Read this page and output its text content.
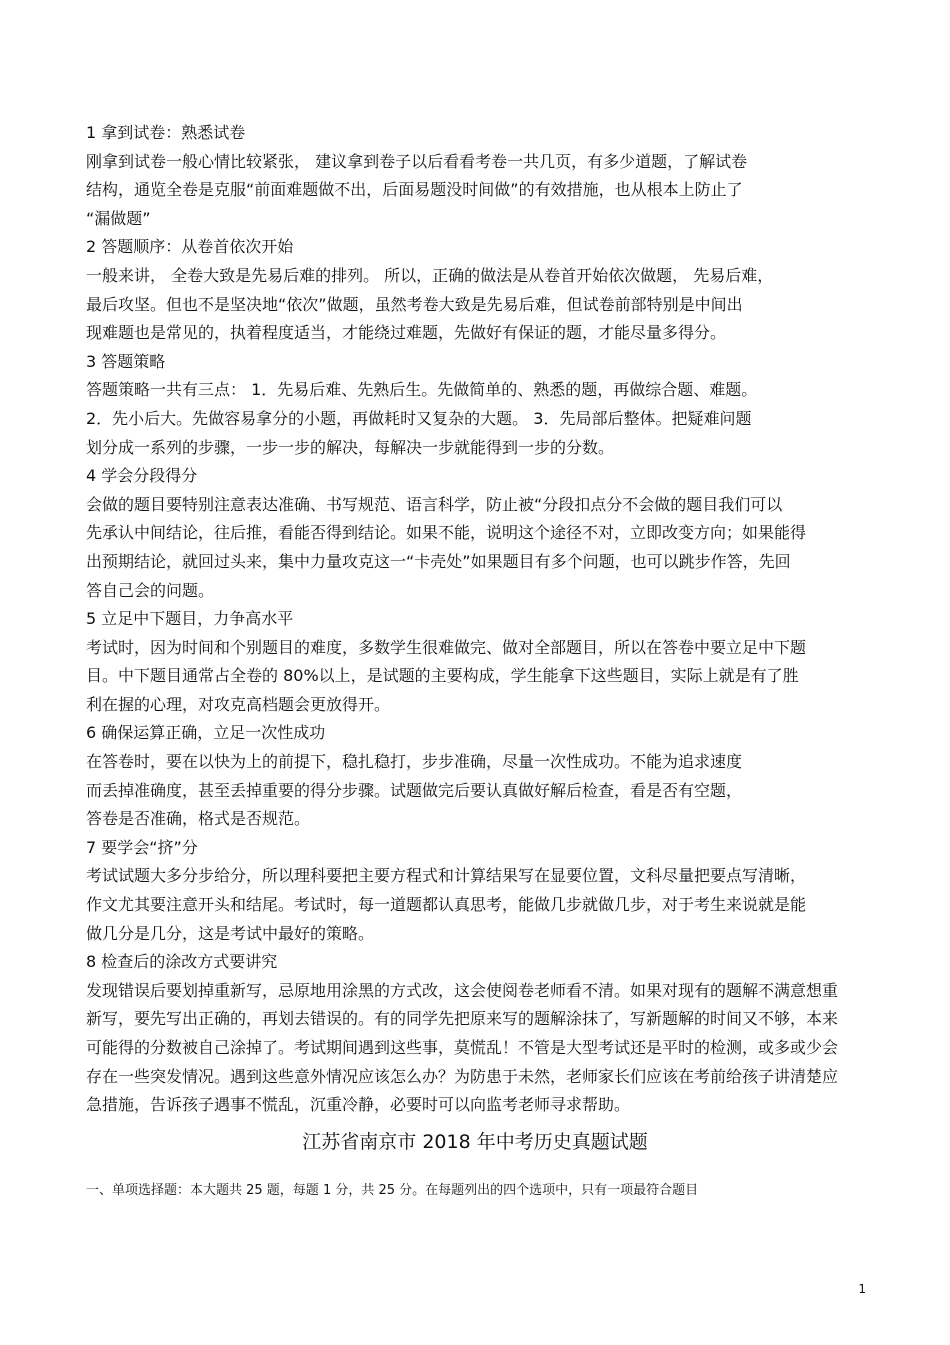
1 拿到试卷：熟悉试卷
刚拿到试卷一般心情比较紧张， 建议拿到卷子以后看看考卷一共几页，有多少道题，了解试卷
结构，通览全卷是克服“前面难题做不出，后面易题没时间做”的有效措施，也从根本上防止了
“漏做题”
2 答题顺序：从卷首依次开始
一般来讲， 全卷大致是先易后难的排列。 所以，正确的做法是从卷首开始依次做题， 先易后难，
最后攻坚。但也不是坚决地“依次”做题，虽然考卷大致是先易后难，但试卷前部特别是中间出
现难题也是常见的，执着程度适当，才能绕过难题，先做好有保证的题，才能尽量多得分。
3 答题策略
答题策略一共有三点： 1．先易后难、先熟后生。先做简单的、熟悉的题，再做综合题、难题。
2．先小后大。先做容易拿分的小题，再做耗时又复杂的大题。 3．先局部后整体。把疑难问题
划分成一系列的步骤，一步一步的解决，每解决一步就能得到一步的分数。
4 学会分段得分
会做的题目要特别注意表达准确、书写规范、语言科学，防止被“分段扣点分不会做的题目我们可以
先承认中间结论，往后推，看能否得到结论。如果不能，说明这个途径不对，立即改变方向；如果能得
出预期结论，就回过头来，集中力量攻克这一“卡壳处”如果题目有多个问题，也可以跳步作答，先回
答自己会的问题。
5 立足中下题目，力争高水平
考试时，因为时间和个别题目的难度，多数学生很难做完、做对全部题目，所以在答卷中要立足中下题
目。中下题目通常占全卷的 80%以上，是试题的主要构成，学生能拿下这些题目，实际上就是有了胜
利在握的心理，对攻克高档题会更放得开。
6 确保运算正确，立足一次性成功
在答卷时，要在以快为上的前提下，稳扎稳打，步步准确，尽量一次性成功。不能为追求速度
而丢掉准确度，甚至丢掉重要的得分步骤。试题做完后要认真做好解后检查，看是否有空题，
答卷是否准确，格式是否规范。
7 要学会“挤”分
考试试题大多分步给分，所以理科要把主要方程式和计算结果写在显要位置，文科尽量把要点写清晰，
作文尤其要注意开头和结尾。考试时，每一道题都认真思考，能做几步就做几步，对于考生来说就是能
做几分是几分，这是考试中最好的策略。
8 检查后的涂改方式要讲究
发现错误后要划掉重新写，忌原地用涂黑的方式改，这会使阅卷老师看不清。如果对现有的题解不满意想重
新写，要先写出正确的，再划去错误的。有的同学先把原来写的题解涂抹了，写新题解的时间又不够，本来
可能得的分数被自己涂掉了。考试期间遇到这些事，莫慌乱！不管是大型考试还是平时的检测，或多或少会
存在一些突发情况。遇到这些意外情况应该怎么办？为防患于未然，老师家长们应该在考前给孩子讲清楚应
急措施，告诉孩子遇事不慌乱，沉重冷静，必要时可以向监考老师寻求帮助。
江苏省南京市 2018 年中考历史真题试题
一、单项选择题：本大题共 25 题，每题 1 分，共 25 分。在每题列出的四个选项中，只有一项最符合题目
1
